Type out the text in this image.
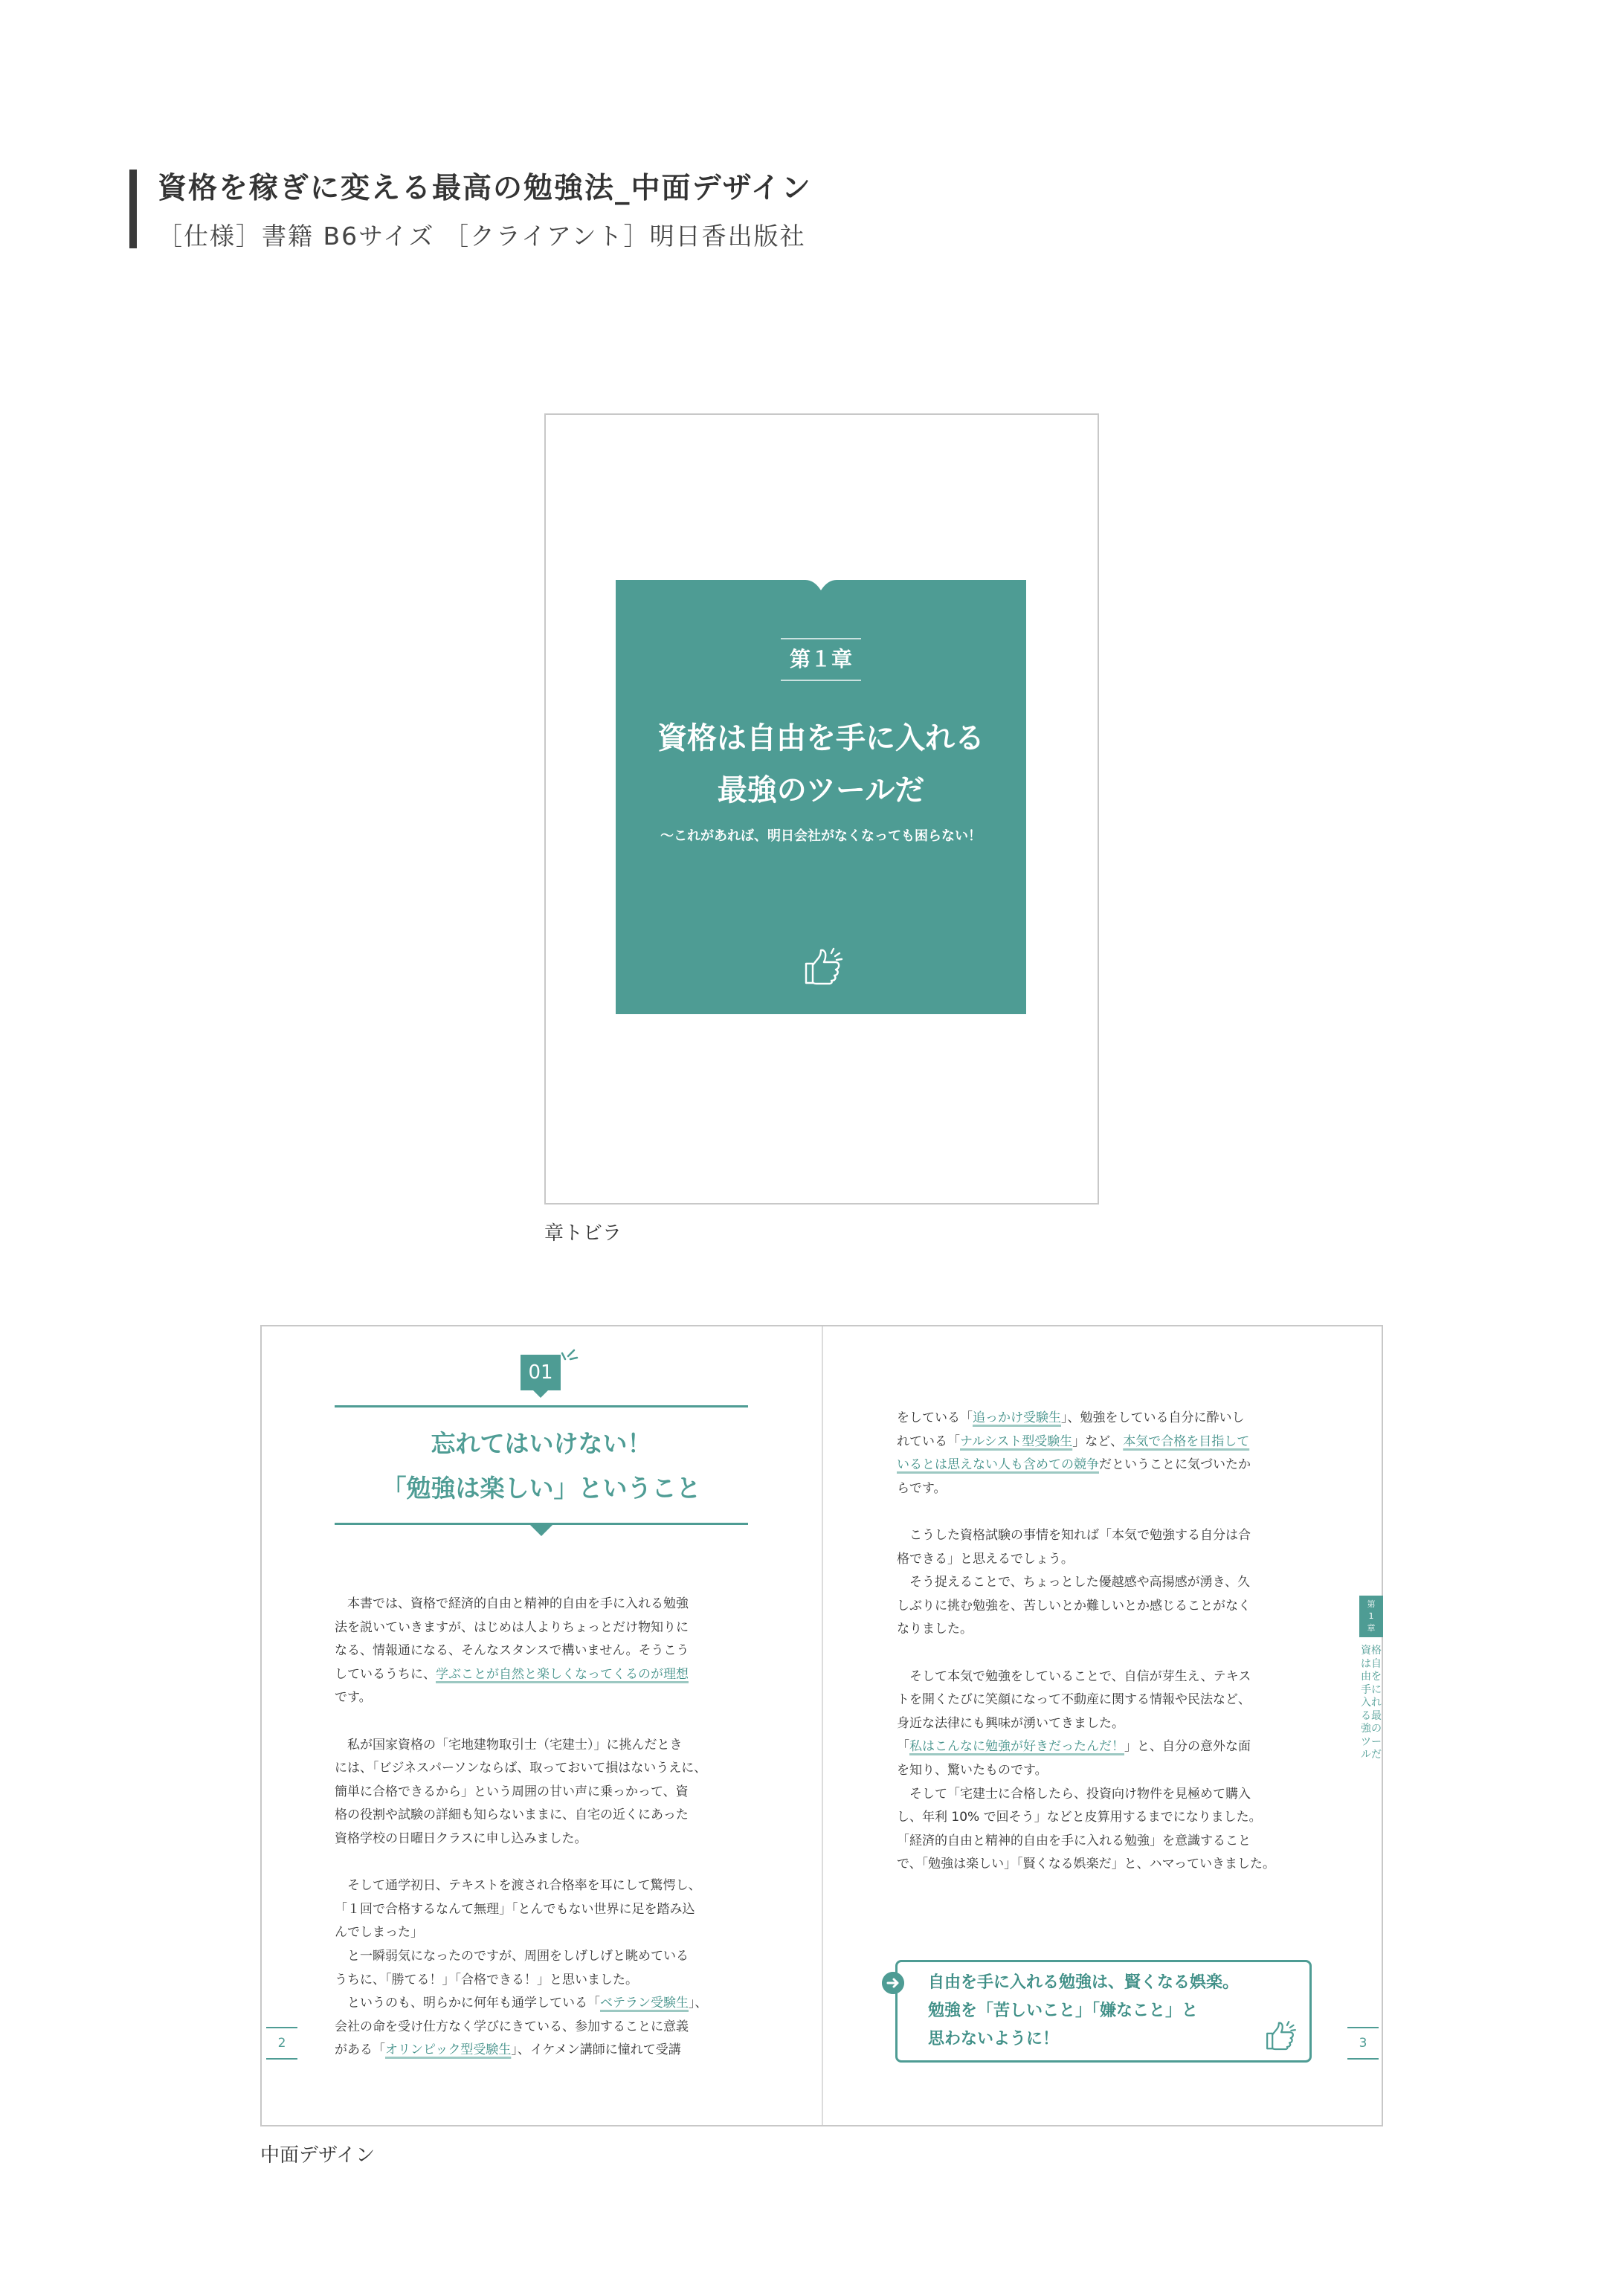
資格を稼ぎに変える最高の勉強法_中面デザイン
［仕様］書籍 B6サイズ ［クライアント］明日香出版社
第１章
資格は自由を手に入れる
最強のツールだ
〜これがあれば、明日会社がなくなっても困らない！
章トビラ
01
忘れてはいけない！
「勉強は楽しい」ということ

　本書では、資格で経済的自由と精神的自由を手に入れる勉強

法を説いていきますが、はじめは人よりちょっとだけ物知りに

なる、情報通になる、そんなスタンスで構いません。そうこう

しているうちに、学ぶことが自然と楽しくなってくるのが理想

です。

　私が国家資格の「宅地建物取引士（宅建士）」に挑んだとき

には、「ビジネスパーソンならば、取っておいて損はないうえに、

簡単に合格できるから」という周囲の甘い声に乗っかって、資

格の役割や試験の詳細も知らないままに、自宅の近くにあった

資格学校の日曜日クラスに申し込みました。

　そして通学初日、テキストを渡され合格率を耳にして驚愕し、

「１回で合格するなんて無理」「とんでもない世界に足を踏み込

んでしまった」

　と一瞬弱気になったのですが、周囲をしげしげと眺めている

うちに、「勝てる！」「合格できる！」と思いました。

　というのも、明らかに何年も通学している「ベテラン受験生」、

会社の命を受け仕方なく学びにきている、参加することに意義

がある「オリンピック型受験生」、イケメン講師に憧れて受講

をしている「追っかけ受験生」、勉強をしている自分に酔いし

れている「ナルシスト型受験生」など、本気で合格を目指して

いるとは思えない人も含めての競争だということに気づいたか

らです。

　こうした資格試験の事情を知れば「本気で勉強する自分は合

格できる」と思えるでしょう。

　そう捉えることで、ちょっとした優越感や高揚感が湧き、久

しぶりに挑む勉強を、苦しいとか難しいとか感じることがなく

なりました。

　そして本気で勉強をしていることで、自信が芽生え、テキス

トを開くたびに笑顔になって不動産に関する情報や民法など、

身近な法律にも興味が湧いてきました。

「私はこんなに勉強が好きだったんだ！」と、自分の意外な面

を知り、驚いたものです。

　そして「宅建士に合格したら、投資向け物件を見極めて購入

し、年利 10% で回そう」などと皮算用するまでになりました。

「経済的自由と精神的自由を手に入れる勉強」を意識すること

で、「勉強は楽しい」「賢くなる娯楽だ」と、ハマっていきました。

第
1
章
資格は自由を手に入れる最強のツールだ
2	3
自由を手に入れる勉強は、賢くなる娯楽。
勉強を「苦しいこと」「嫌なこと」と
思わないように！
中面デザイン
